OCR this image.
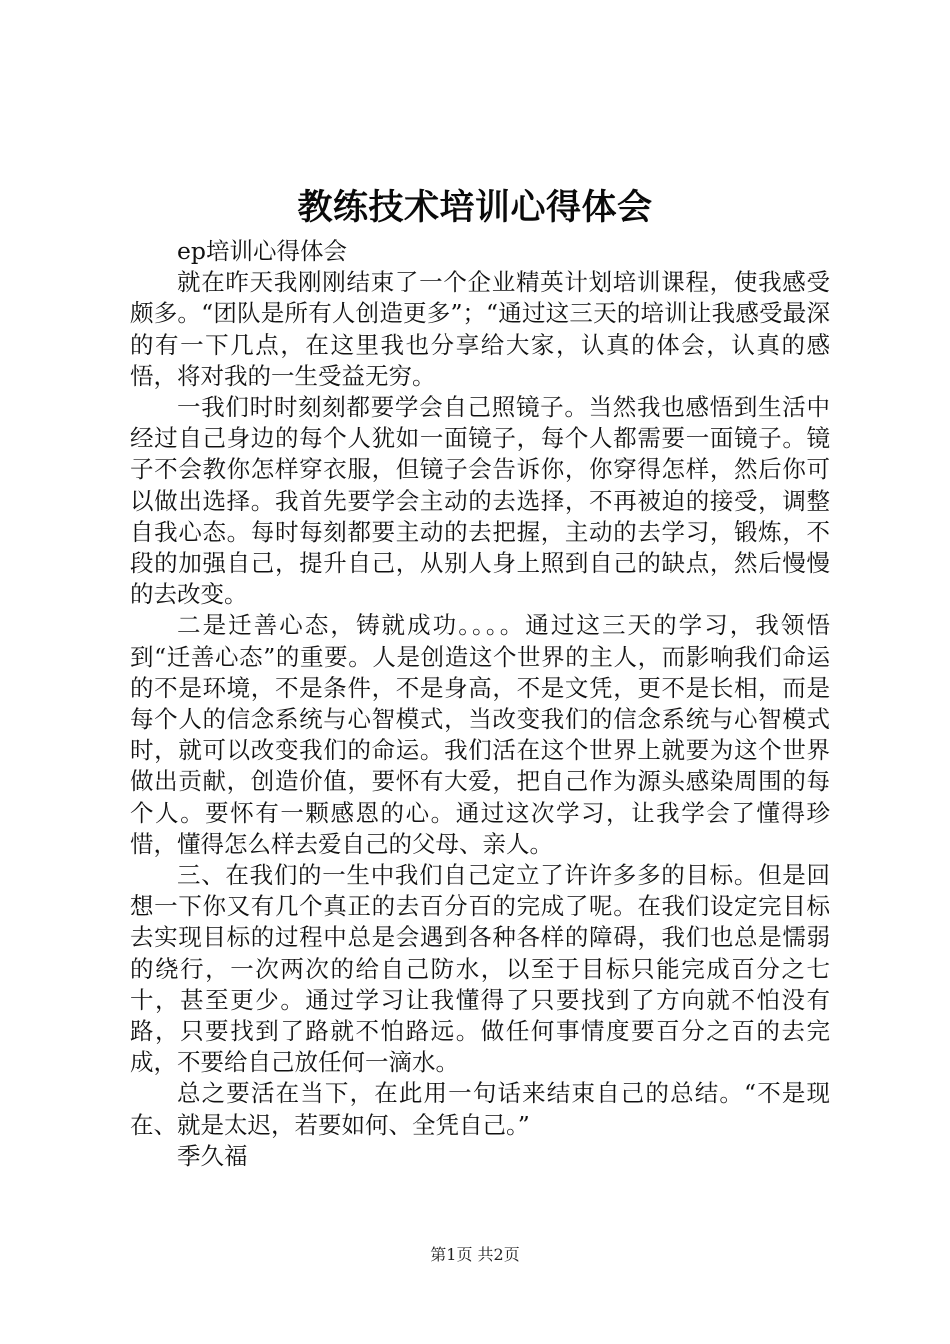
教练技术培训心得体会

ep培训心得体会

就在昨天我刚刚结束了一个企业精英计划培训课程，使我感受颇多。“团队是所有人创造更多”；“通过这三天的培训让我感受最深的有一下几点，在这里我也分享给大家，认真的体会，认真的感悟，将对我的一生受益无穷。

一我们时时刻刻都要学会自己照镜子。当然我也感悟到生活中经过自己身边的每个人犹如一面镜子，每个人都需要一面镜子。镜子不会教你怎样穿衣服，但镜子会告诉你，你穿得怎样，然后你可以做出选择。我首先要学会主动的去选择，不再被迫的接受，调整自我心态。每时每刻都要主动的去把握，主动的去学习，锻炼，不段的加强自己，提升自己，从别人身上照到自己的缺点，然后慢慢的去改变。

二是迁善心态，铸就成功。。。。通过这三天的学习，我领悟到“迁善心态”的重要。人是创造这个世界的主人，而影响我们命运的不是环境，不是条件，不是身高，不是文凭，更不是长相，而是每个人的信念系统与心智模式，当改变我们的信念系统与心智模式时，就可以改变我们的命运。我们活在这个世界上就要为这个世界做出贡献，创造价值，要怀有大爱，把自己作为源头感染周围的每个人。要怀有一颗感恩的心。通过这次学习，让我学会了懂得珍惜，懂得怎么样去爱自己的父母、亲人。

三、在我们的一生中我们自己定立了许许多多的目标。但是回想一下你又有几个真正的去百分百的完成了呢。在我们设定完目标去实现目标的过程中总是会遇到各种各样的障碍，我们也总是懦弱的绕行，一次两次的给自己防水，以至于目标只能完成百分之七十，甚至更少。通过学习让我懂得了只要找到了方向就不怕没有路，只要找到了路就不怕路远。做任何事情度要百分之百的去完成，不要给自己放任何一滴水。

总之要活在当下，在此用一句话来结束自己的总结。“不是现在、就是太迟，若要如何、全凭自己。”

季久福

第1页 共2页
